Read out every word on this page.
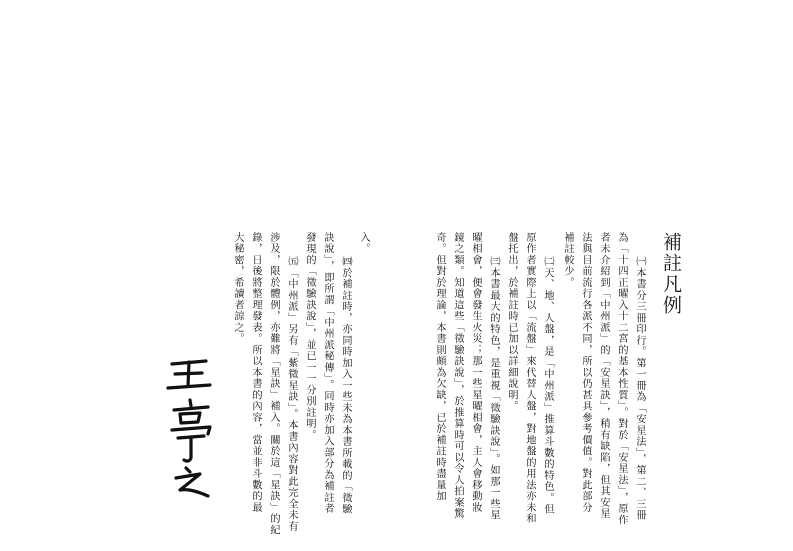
補註凡例
㈠本書分三冊印行。第一冊為「安星法」，第二、三冊
為「十四正曜入十二宮的基本性質」。對於「安星法」，原作
者未介紹到「中州派」的「安星訣」，稍有缺陷，但其安星
法與目前流行各派不同，所以仍甚具參考價值。對此部分
補註較少。
㈡天、地、人盤，是「中州派」推算斗數的特色。但
原作者實際上以「流盤」來代替人盤，對地盤的用法亦未和
盤托出，於補註時已加以詳細說明。
㈢本書最大的特色，是重視「徵驗訣說」。如那一些星
曜相會，便會發生火災；那一些星曜相會，主人會移動妝
鏡之類。知道這些「徵驗訣說」，於推算時可以令人拍案驚
奇。但對於理論，本書則頗為欠缺，已於補註時盡量加
入。
㈣於補註時，亦同時加入一些未為本書所載的「徵驗
訣說」，即所謂「中州派秘傳」。同時亦加入部分為補註者
發現的「徵驗訣說」，並已一一分別註明。
㈤「中州派」另有「紫微星訣」。本書內容對此完全未有
涉及，限於體例，亦難將「星訣」補入。關於這「星訣」的紀
錄，日後將整理發表。所以本書的內容，當並非斗數的最
大秘密，希讀者諒之。
